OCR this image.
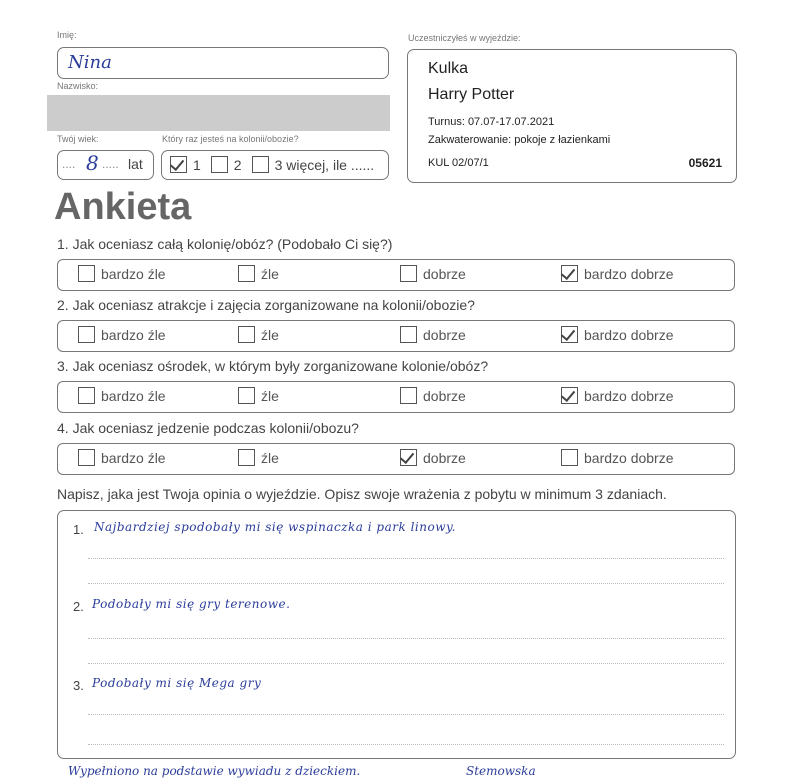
Imię:
Nina
Nazwisko:
Twój wiek:
.... 8 ..... lat
Który raz jesteś na kolonii/obozie?
1 2 3 więcej, ile ......
Uczestniczyłeś w wyjeździe:
Kulka
Harry Potter
Turnus: 07.07-17.07.2021
Zakwaterowanie: pokoje z łazienkami
KUL 02/07/1	05621
Ankieta
1. Jak oceniasz całą kolonię/obóz? (Podobało Ci się?)
bardzo źle	źle	dobrze	bardzo dobrze
2. Jak oceniasz atrakcje i zajęcia zorganizowane na kolonii/obozie?
bardzo źle	źle	dobrze	bardzo dobrze
3. Jak oceniasz ośrodek, w którym były zorganizowane kolonie/obóz?
bardzo źle	źle	dobrze	bardzo dobrze
4. Jak oceniasz jedzenie podczas kolonii/obozu?
bardzo źle	źle	dobrze	bardzo dobrze
Napisz, jaka jest Twoja opinia o wyjeździe. Opisz swoje wrażenia z pobytu w minimum 3 zdaniach.
1. Najbardziej spodobały mi się wspinaczka i park linowy.
2. Podobały mi się gry terenowe.
3. Podobały mi się Mega gry
Wypełniono na podstawie wywiadu z dzieckiem.	Stemowska
